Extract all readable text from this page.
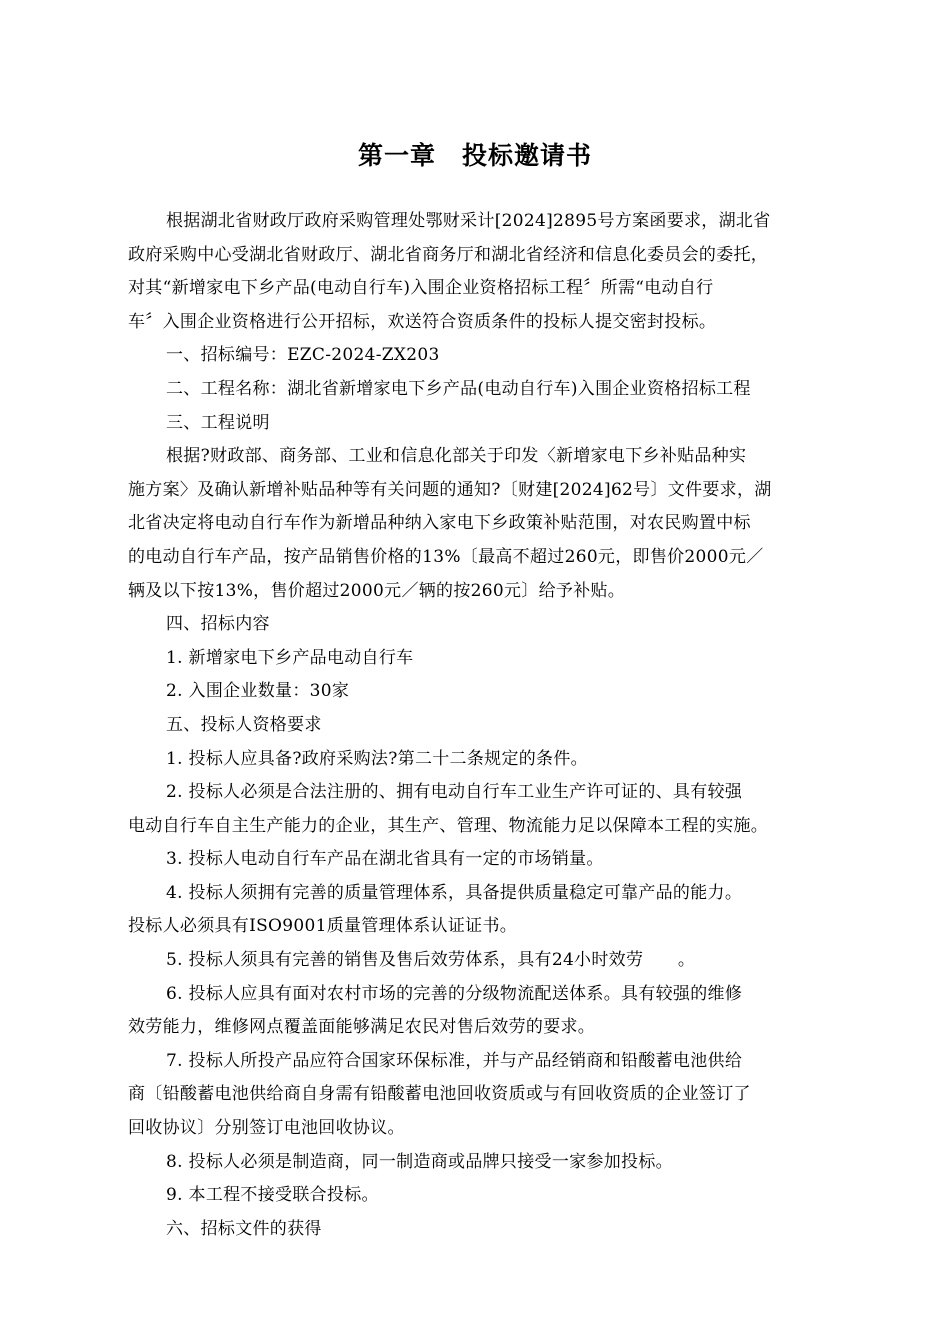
第一章　投标邀请书

根据湖北省财政厅政府采购管理处鄂财采计[2024]2895号方案函要求，湖北省

政府采购中心受湖北省财政厅、湖北省商务厅和湖北省经济和信息化委员会的委托，

对其“新增家电下乡产品(电动自行车)入围企业资格招标工程〞所需“电动自行

车〞入围企业资格进行公开招标，欢送符合资质条件的投标人提交密封投标。

一、招标编号：EZC-2024-ZX203

二、工程名称：湖北省新增家电下乡产品(电动自行车)入围企业资格招标工程

三、工程说明

根据?财政部、商务部、工业和信息化部关于印发〈新增家电下乡补贴品种实

施方案〉及确认新增补贴品种等有关问题的通知?〔财建[2024]62号〕文件要求，湖

北省决定将电动自行车作为新增品种纳入家电下乡政策补贴范围，对农民购置中标

的电动自行车产品，按产品销售价格的13%〔最高不超过260元，即售价2000元／

辆及以下按13%，售价超过2000元／辆的按260元〕给予补贴。

四、招标内容

1. 新增家电下乡产品电动自行车

2. 入围企业数量：30家

五、投标人资格要求

1. 投标人应具备?政府采购法?第二十二条规定的条件。

2. 投标人必须是合法注册的、拥有电动自行车工业生产许可证的、具有较强

电动自行车自主生产能力的企业，其生产、管理、物流能力足以保障本工程的实施。

3. 投标人电动自行车产品在湖北省具有一定的市场销量。

4. 投标人须拥有完善的质量管理体系，具备提供质量稳定可靠产品的能力。

投标人必须具有ISO9001质量管理体系认证证书。

5. 投标人须具有完善的销售及售后效劳体系，具有24小时效劳　　。

6. 投标人应具有面对农村市场的完善的分级物流配送体系。具有较强的维修

效劳能力，维修网点覆盖面能够满足农民对售后效劳的要求。

7. 投标人所投产品应符合国家环保标准，并与产品经销商和铅酸蓄电池供给

商〔铅酸蓄电池供给商自身需有铅酸蓄电池回收资质或与有回收资质的企业签订了

回收协议〕分别签订电池回收协议。

8. 投标人必须是制造商，同一制造商或品牌只接受一家参加投标。

9. 本工程不接受联合投标。

六、招标文件的获得
